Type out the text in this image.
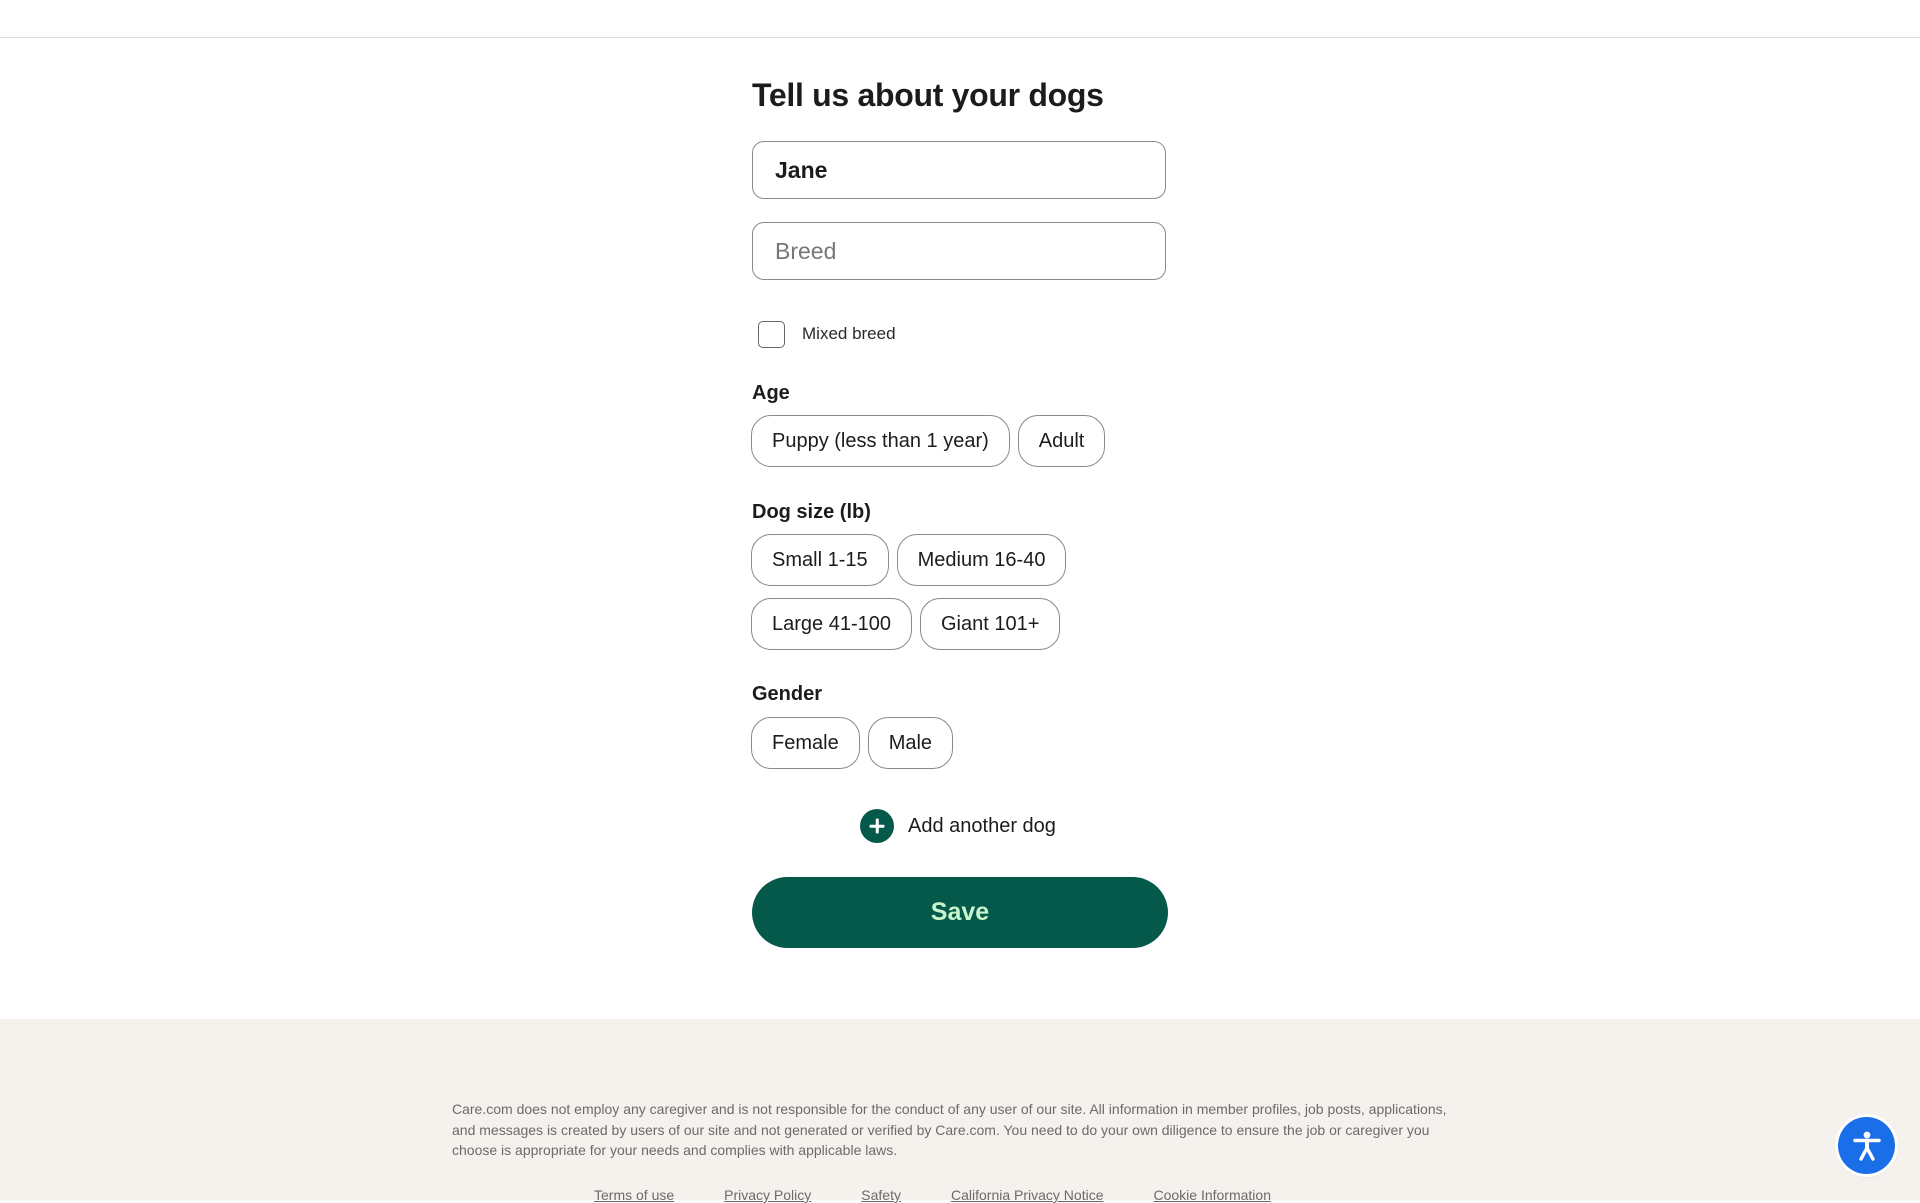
Tell us about your dogs
Jane
Breed
Mixed breed
Age
Puppy (less than 1 year)	Adult
Dog size (lb)
Small 1-15	Medium 16-40
Large 41-100	Giant 101+
Gender
Female	Male
Add another dog
Save

Care.com does not employ any caregiver and is not responsible for the conduct of any user of our site. All information in member profiles, job posts, applications, and messages is created by users of our site and not generated or verified by Care.com. You need to do your own diligence to ensure the job or caregiver you choose is appropriate for your needs and complies with applicable laws.

Terms of use	Privacy Policy	Safety	California Privacy Notice	Cookie Information
